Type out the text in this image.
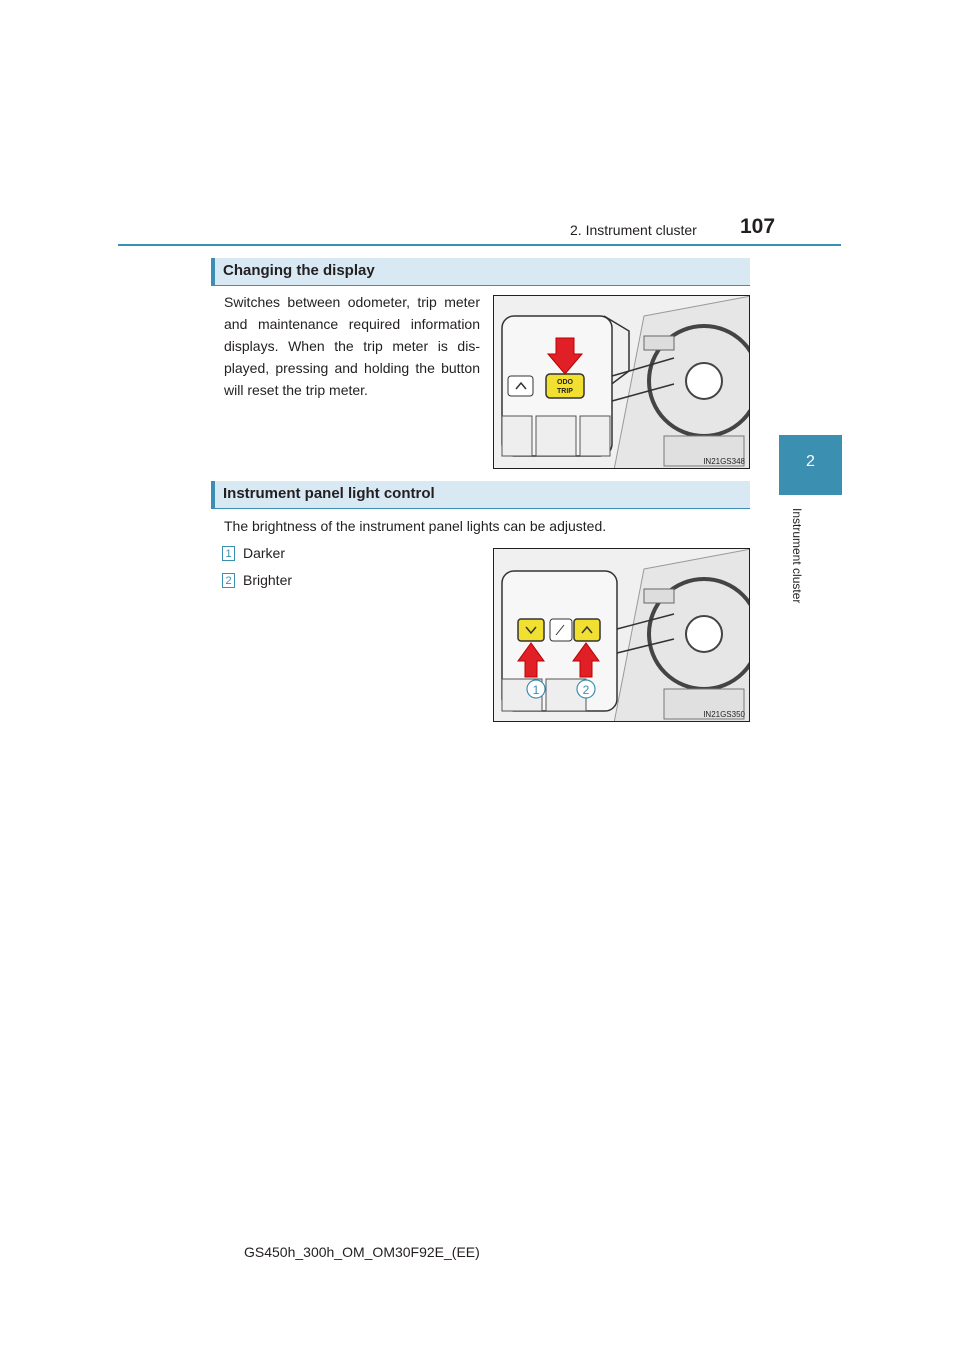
2. Instrument cluster 107
2
Instrument cluster
Changing the display
Switches between odometer, trip meter and maintenance required information displays. When the trip meter is dis-played, pressing and holding the button will reset the trip meter.	ODO
TRIP
IN21GS348
Instrument panel light control
The brightness of the instrument panel lights can be adjusted.
1 Darker
2 Brighter
1	2
IN21GS350
GS450h_300h_OM_OM30F92E_(EE)
